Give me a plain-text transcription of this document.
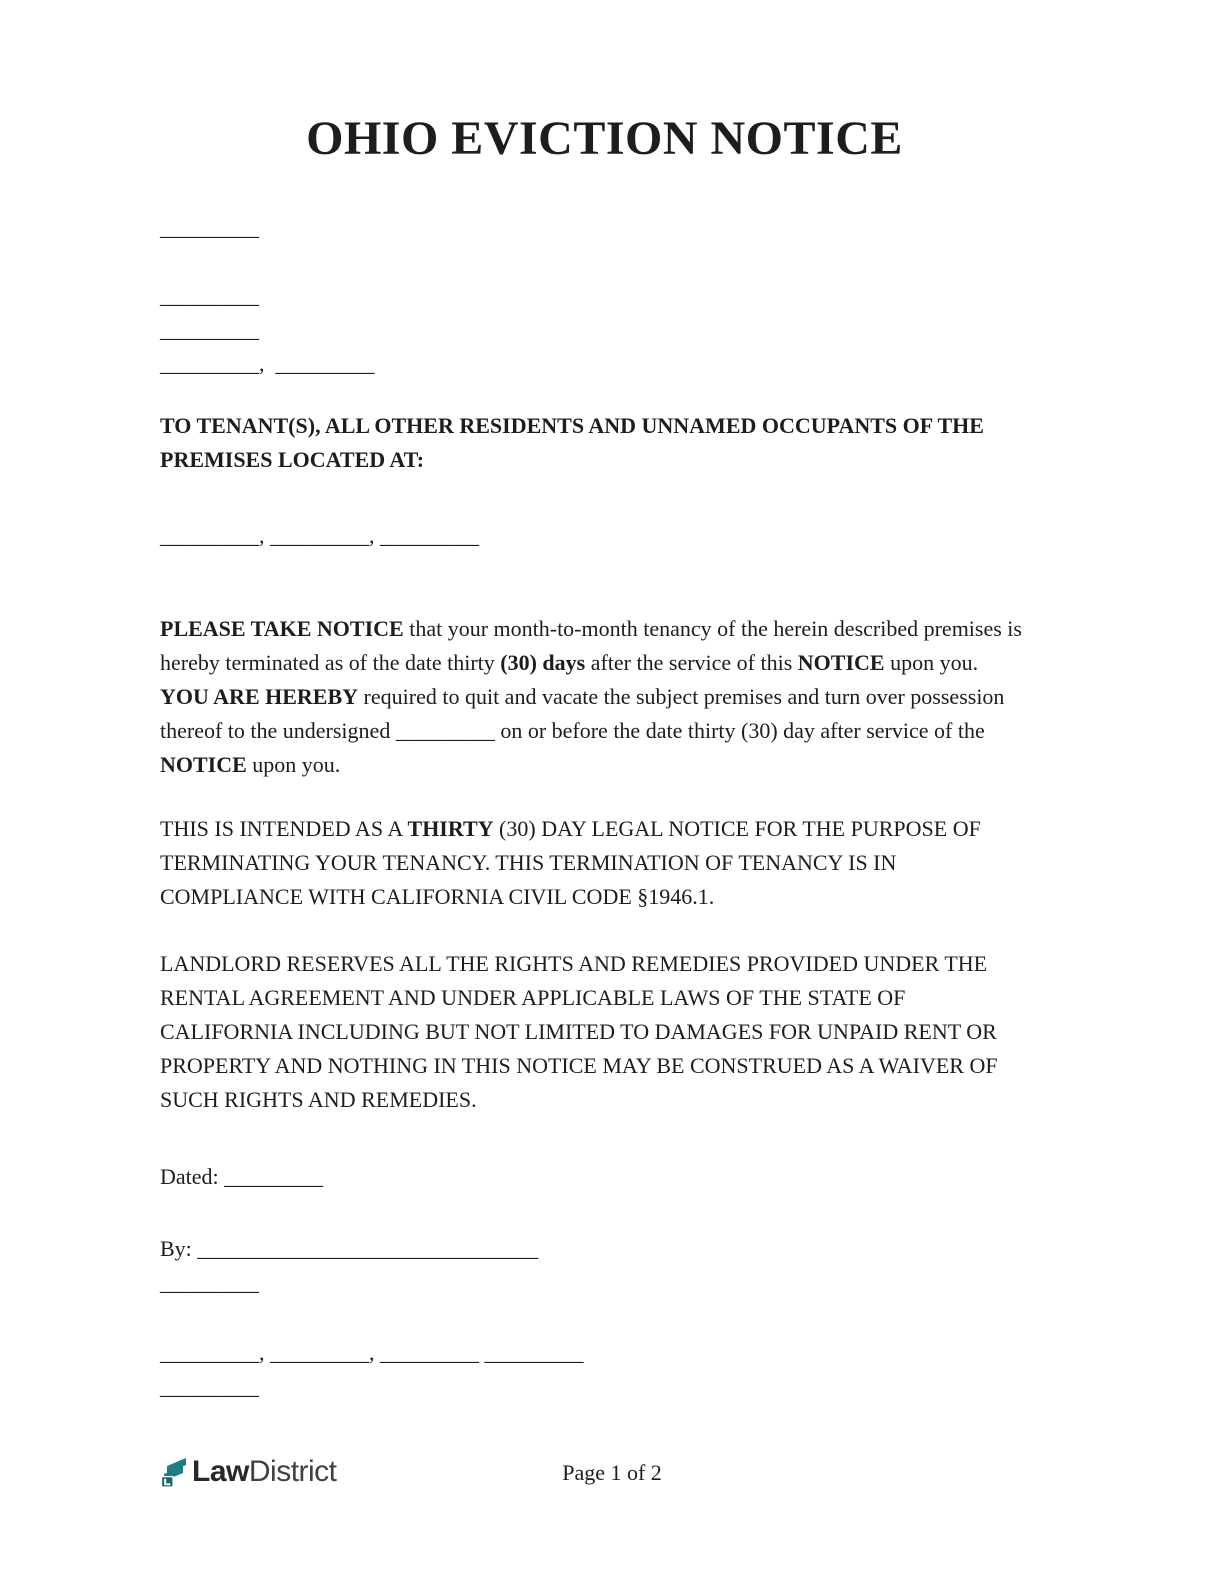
OHIO EVICTION NOTICE
_________
_________
_________
_________,  _________
TO TENANT(S), ALL OTHER RESIDENTS AND UNNAMED OCCUPANTS OF THE PREMISES LOCATED AT:
_________, _________, _________

PLEASE TAKE NOTICE that your month-to-month tenancy of the herein described premises is hereby terminated as of the date thirty (30) days after the service of this NOTICE upon you. YOU ARE HEREBY required to quit and vacate the subject premises and turn over possession thereof to the undersigned _________ on or before the date thirty (30) day after service of the NOTICE upon you.

THIS IS INTENDED AS A THIRTY (30) DAY LEGAL NOTICE FOR THE PURPOSE OF TERMINATING YOUR TENANCY. THIS TERMINATION OF TENANCY IS IN COMPLIANCE WITH CALIFORNIA CIVIL CODE §1946.1.

LANDLORD RESERVES ALL THE RIGHTS AND REMEDIES PROVIDED UNDER THE RENTAL AGREEMENT AND UNDER APPLICABLE LAWS OF THE STATE OF CALIFORNIA INCLUDING BUT NOT LIMITED TO DAMAGES FOR UNPAID RENT OR PROPERTY AND NOTHING IN THIS NOTICE MAY BE CONSTRUED AS A WAIVER OF SUCH RIGHTS AND REMEDIES.

Dated: _________
By: _______________________________
_________
_________, _________, _________ _________
_________
Law District	Page 1 of 2
